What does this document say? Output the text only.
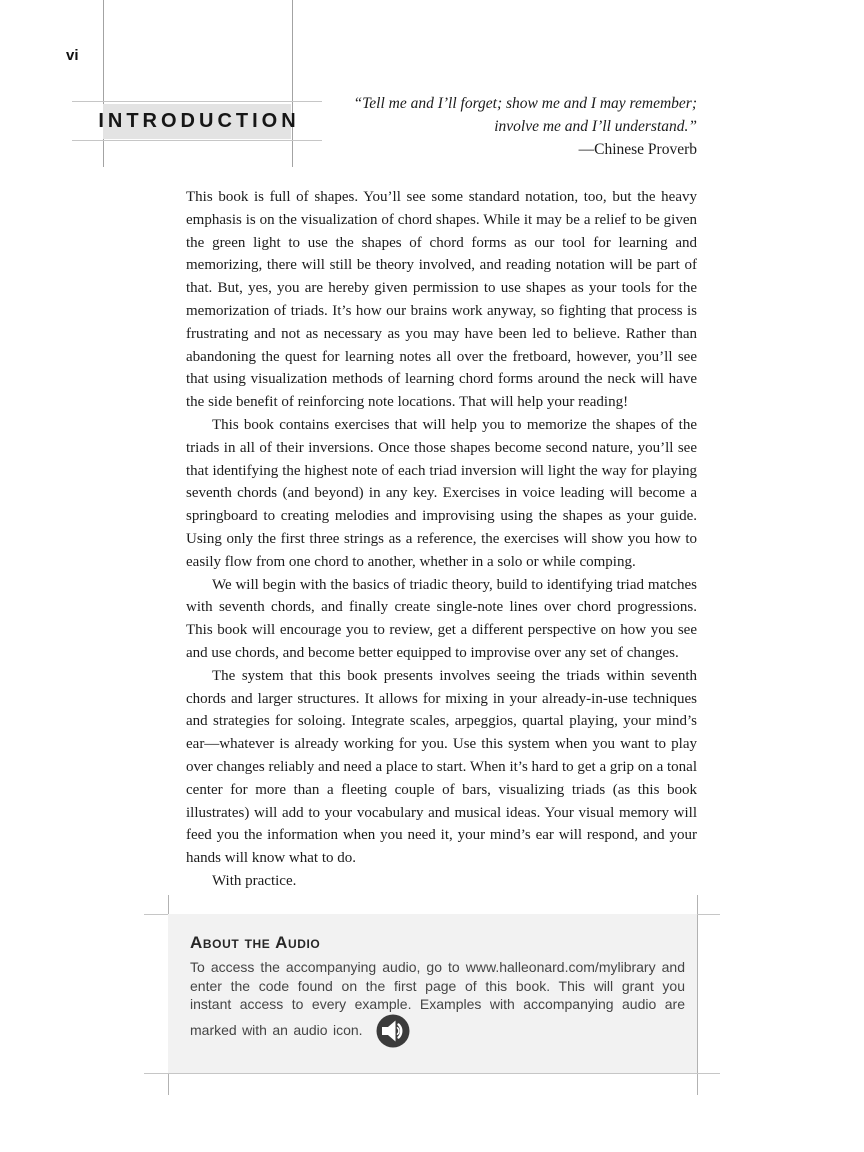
vi
INTRODUCTION
“Tell me and I’ll forget; show me and I may remember;
involve me and I’ll understand.”
—Chinese Proverb

This book is full of shapes. You’ll see some standard notation, too, but the heavy emphasis is on the visualization of chord shapes. While it may be a relief to be given the green light to use the shapes of chord forms as our tool for learning and memorizing, there will still be theory involved, and reading notation will be part of that. But, yes, you are hereby given permission to use shapes as your tools for the memorization of triads. It’s how our brains work anyway, so fighting that process is frustrating and not as necessary as you may have been led to believe. Rather than abandoning the quest for learning notes all over the fretboard, however, you’ll see that using visualization methods of learning chord forms around the neck will have the side benefit of reinforcing note locations. That will help your reading!

This book contains exercises that will help you to memorize the shapes of the triads in all of their inversions. Once those shapes become second nature, you’ll see that identifying the highest note of each triad inversion will light the way for playing seventh chords (and beyond) in any key. Exercises in voice leading will become a springboard to creating melodies and improvising using the shapes as your guide. Using only the first three strings as a reference, the exercises will show you how to easily flow from one chord to another, whether in a solo or while comping.

We will begin with the basics of triadic theory, build to identifying triad matches with seventh chords, and finally create single-note lines over chord progressions. This book will encourage you to review, get a different perspective on how you see and use chords, and become better equipped to improvise over any set of changes.

The system that this book presents involves seeing the triads within seventh chords and larger structures. It allows for mixing in your already-in-use techniques and strategies for soloing. Integrate scales, arpeggios, quartal playing, your mind’s ear—whatever is already working for you. Use this system when you want to play over changes reliably and need a place to start. When it’s hard to get a grip on a tonal center for more than a fleeting couple of bars, visualizing triads (as this book illustrates) will add to your vocabulary and musical ideas. Your visual memory will feed you the information when you need it, your mind’s ear will respond, and your hands will know what to do.

With practice.

About the Audio

To access the accompanying audio, go to www.halleonard.com/mylibrary and enter the code found on the first page of this book. This will grant you instant access to every example. Examples with accompanying audio are marked with an audio icon.
